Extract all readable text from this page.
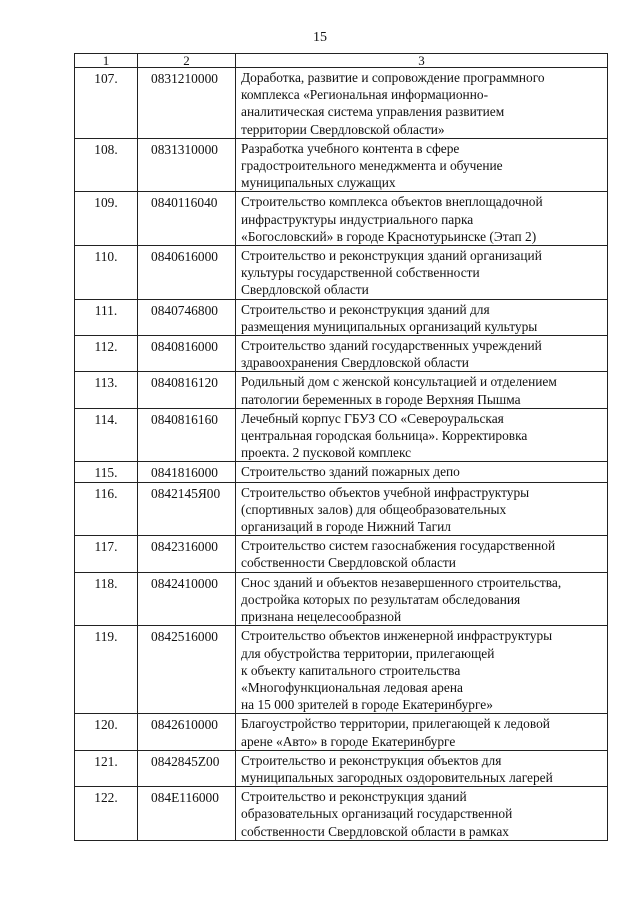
15
1	2	3
107.	0831210000	Доработка, развитие и сопровождение программного
комплекса «Региональная информационно-
аналитическая система управления развитием
территории Свердловской области»

108.	0831310000	Разработка учебного контента в сфере
градостроительного менеджмента и обучение
муниципальных служащих

109.	0840116040	Строительство комплекса объектов внеплощадочной
инфраструктуры индустриального парка
«Богословский» в городе Краснотурьинске (Этап 2)

110.	0840616000	Строительство и реконструкция зданий организаций
культуры государственной собственности
Свердловской области

111.	0840746800	Строительство и реконструкция зданий для
размещения муниципальных организаций культуры

112.	0840816000	Строительство зданий государственных учреждений
здравоохранения Свердловской области

113.	0840816120	Родильный дом с женской консультацией и отделением
патологии беременных в городе Верхняя Пышма

114.	0840816160	Лечебный корпус ГБУЗ СО «Североуральская
центральная городская больница». Корректировка
проекта. 2 пусковой комплекс

115.	0841816000	Строительство зданий пожарных депо

116.	0842145Я00	Строительство объектов учебной инфраструктуры
(спортивных залов) для общеобразовательных
организаций в городе Нижний Тагил

117.	0842316000	Строительство систем газоснабжения государственной
собственности Свердловской области

118.	0842410000	Снос зданий и объектов незавершенного строительства,
достройка которых по результатам обследования
признана нецелесообразной

119.	0842516000	Строительство объектов инженерной инфраструктуры
для обустройства территории, прилегающей
к объекту капитального строительства
«Многофункциональная ледовая арена
на 15 000 зрителей в городе Екатеринбурге»

120.	0842610000	Благоустройство территории, прилегающей к ледовой
арене «Авто» в городе Екатеринбурге

121.	0842845Z00	Строительство и реконструкция объектов для
муниципальных загородных оздоровительных лагерей

122.	084E116000	Строительство и реконструкция зданий
образовательных организаций государственной
собственности Свердловской области в рамках
